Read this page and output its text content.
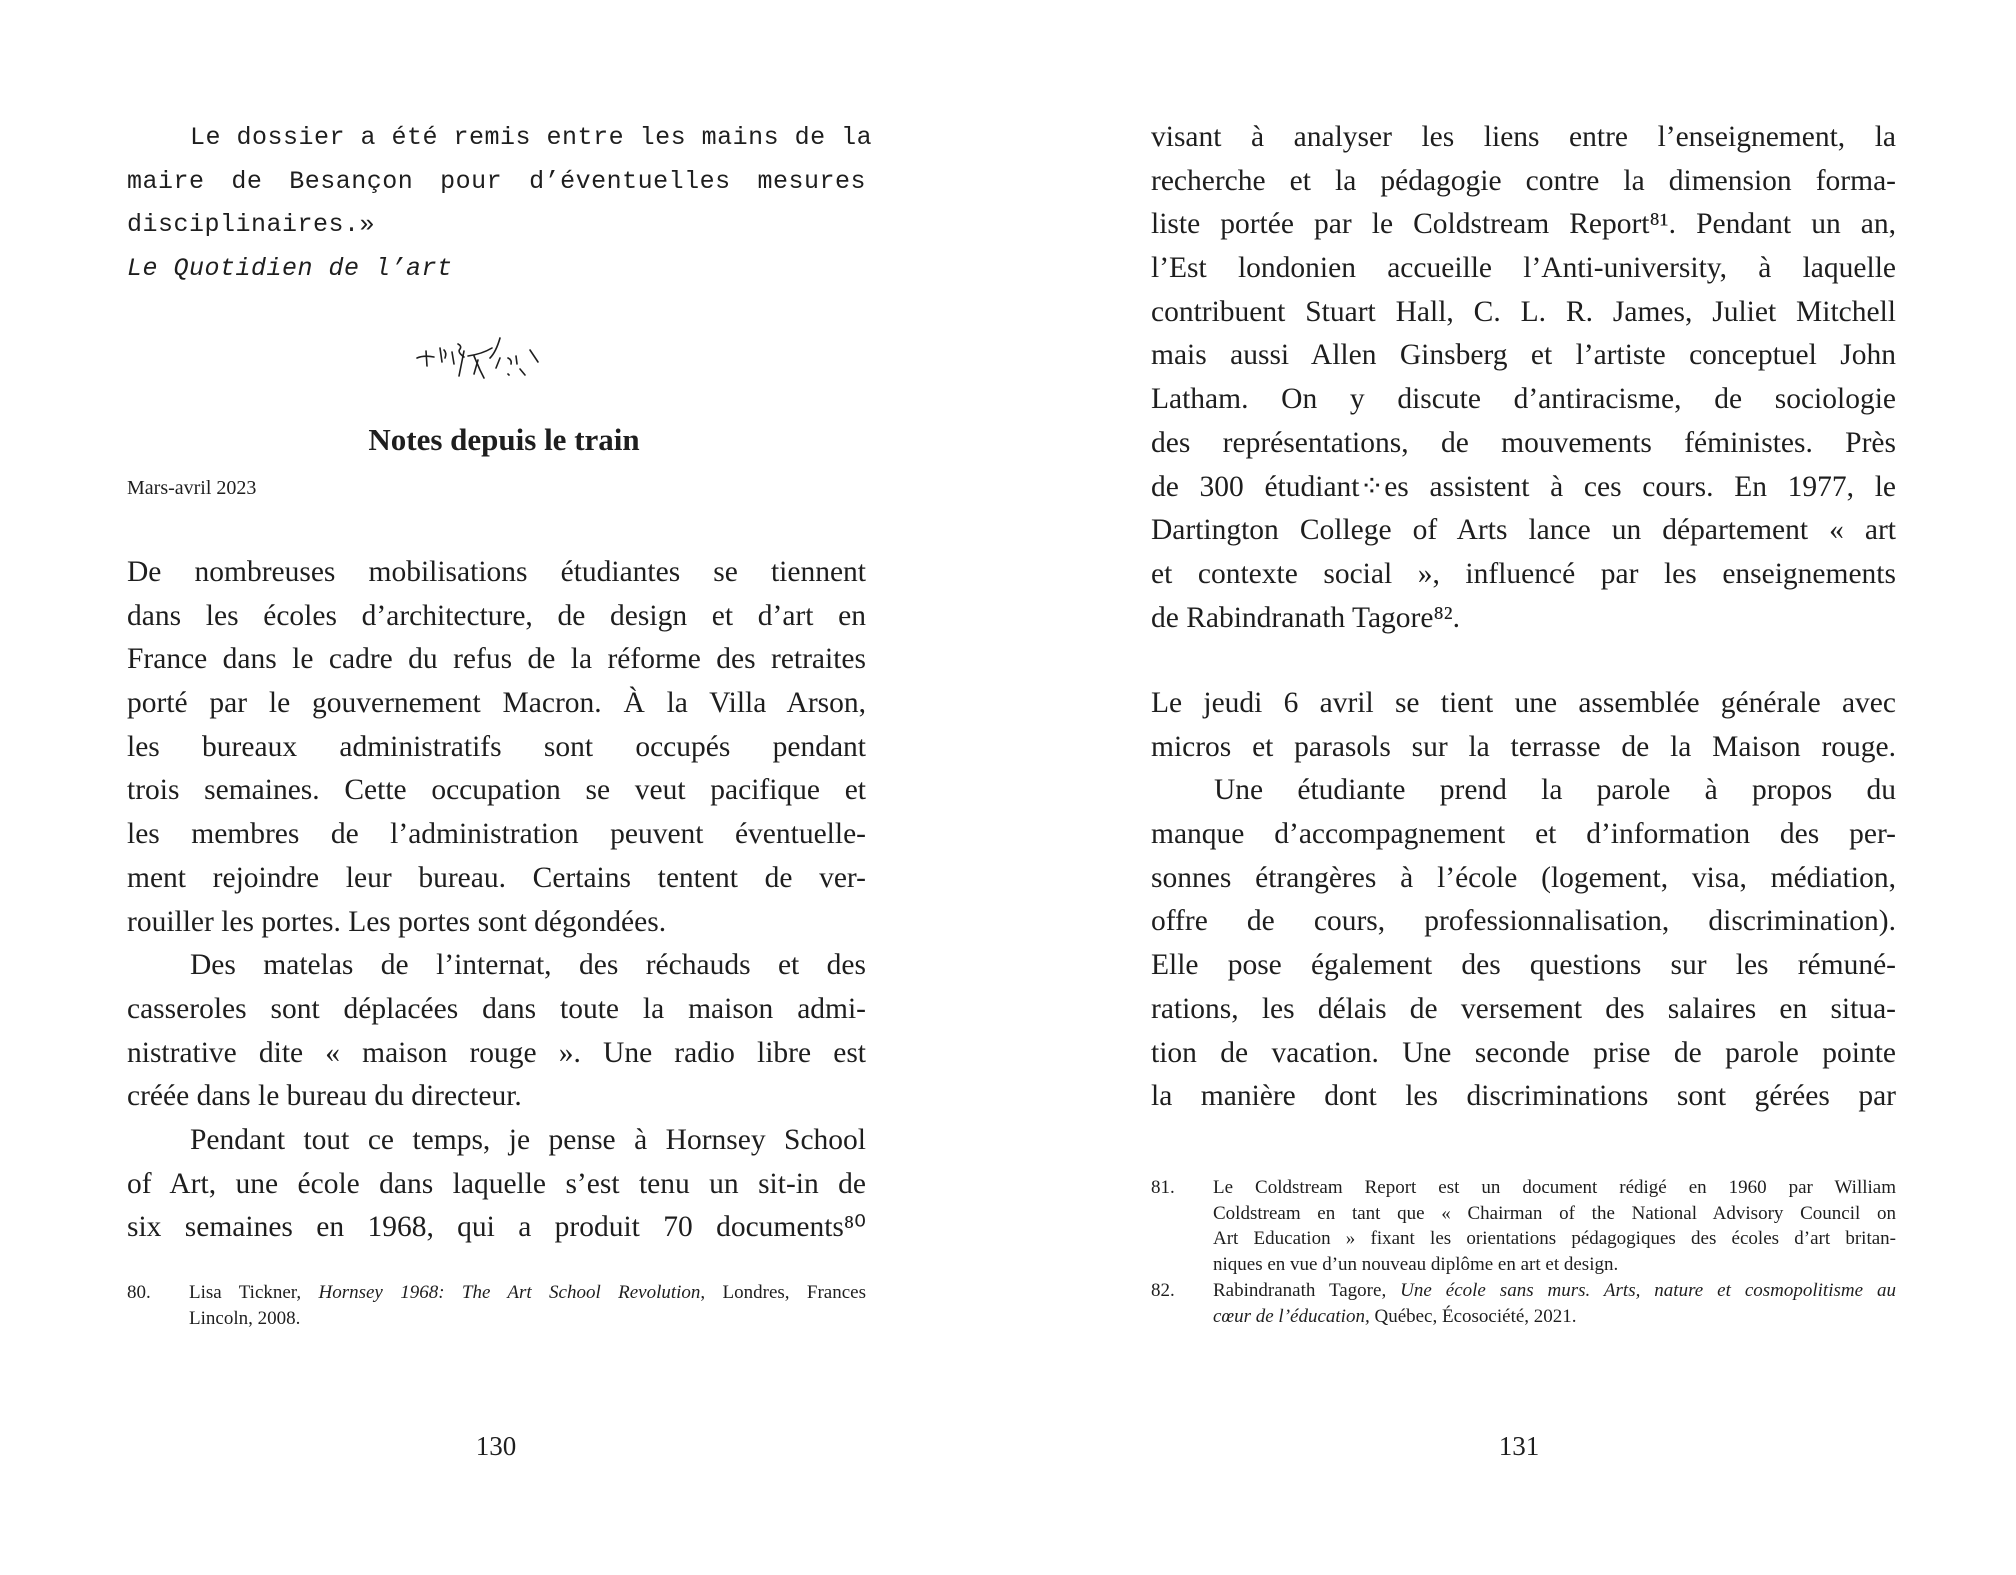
Le dossier a été remis entre les mains de la
maire de Besançon pour d’éventuelles mesures
disciplinaires.»
Le Quotidien de l’art
Notes depuis le train
Mars-avril 2023
De nombreuses mobilisations étudiantes se tiennent
dans les écoles d’architecture, de design et d’art en
France dans le cadre du refus de la réforme des retraites
porté par le gouvernement Macron. À la Villa Arson,
les bureaux administratifs sont occupés pendant
trois semaines. Cette occupation se veut pacifique et
les membres de l’administration peuvent éventuelle-
ment rejoindre leur bureau. Certains tentent de ver-
rouiller les portes. Les portes sont dégondées.
Des matelas de l’internat, des réchauds et des
casseroles sont déplacées dans toute la maison admi-
nistrative dite « maison rouge ». Une radio libre est
créée dans le bureau du directeur.
Pendant tout ce temps, je pense à Hornsey School
of Art, une école dans laquelle s’est tenu un sit-in de
six semaines en 1968, qui a produit 70 documents⁸⁰
80.	Lisa Tickner, Hornsey 1968: The Art School Revolution, Londres, Frances
Lincoln, 2008.
130
visant à analyser les liens entre l’enseignement, la
recherche et la pédagogie contre la dimension forma-
liste portée par le Coldstream Report⁸¹. Pendant un an,
l’Est londonien accueille l’Anti-university, à laquelle
contribuent Stuart Hall, C. L. R. James, Juliet Mitchell
mais aussi Allen Ginsberg et l’artiste conceptuel John
Latham. On y discute d’antiracisme, de sociologie
des représentations, de mouvements féministes. Près
de 300 étudiant⁘es assistent à ces cours. En 1977, le
Dartington College of Arts lance un département « art
et contexte social », influencé par les enseignements
de Rabindranath Tagore⁸².
Le jeudi 6 avril se tient une assemblée générale avec
micros et parasols sur la terrasse de la Maison rouge.
Une étudiante prend la parole à propos du
manque d’accompagnement et d’information des per-
sonnes étrangères à l’école (logement, visa, médiation,
offre de cours, professionnalisation, discrimination).
Elle pose également des questions sur les rémuné-
rations, les délais de versement des salaires en situa-
tion de vacation. Une seconde prise de parole pointe
la manière dont les discriminations sont gérées par
81.	Le Coldstream Report est un document rédigé en 1960 par William
Coldstream en tant que « Chairman of the National Advisory Council on
Art Education » fixant les orientations pédagogiques des écoles d’art britan-
niques en vue d’un nouveau diplôme en art et design.
82.	Rabindranath Tagore, Une école sans murs. Arts, nature et cosmopolitisme au
cœur de l’éducation, Québec, Écosociété, 2021.
131
